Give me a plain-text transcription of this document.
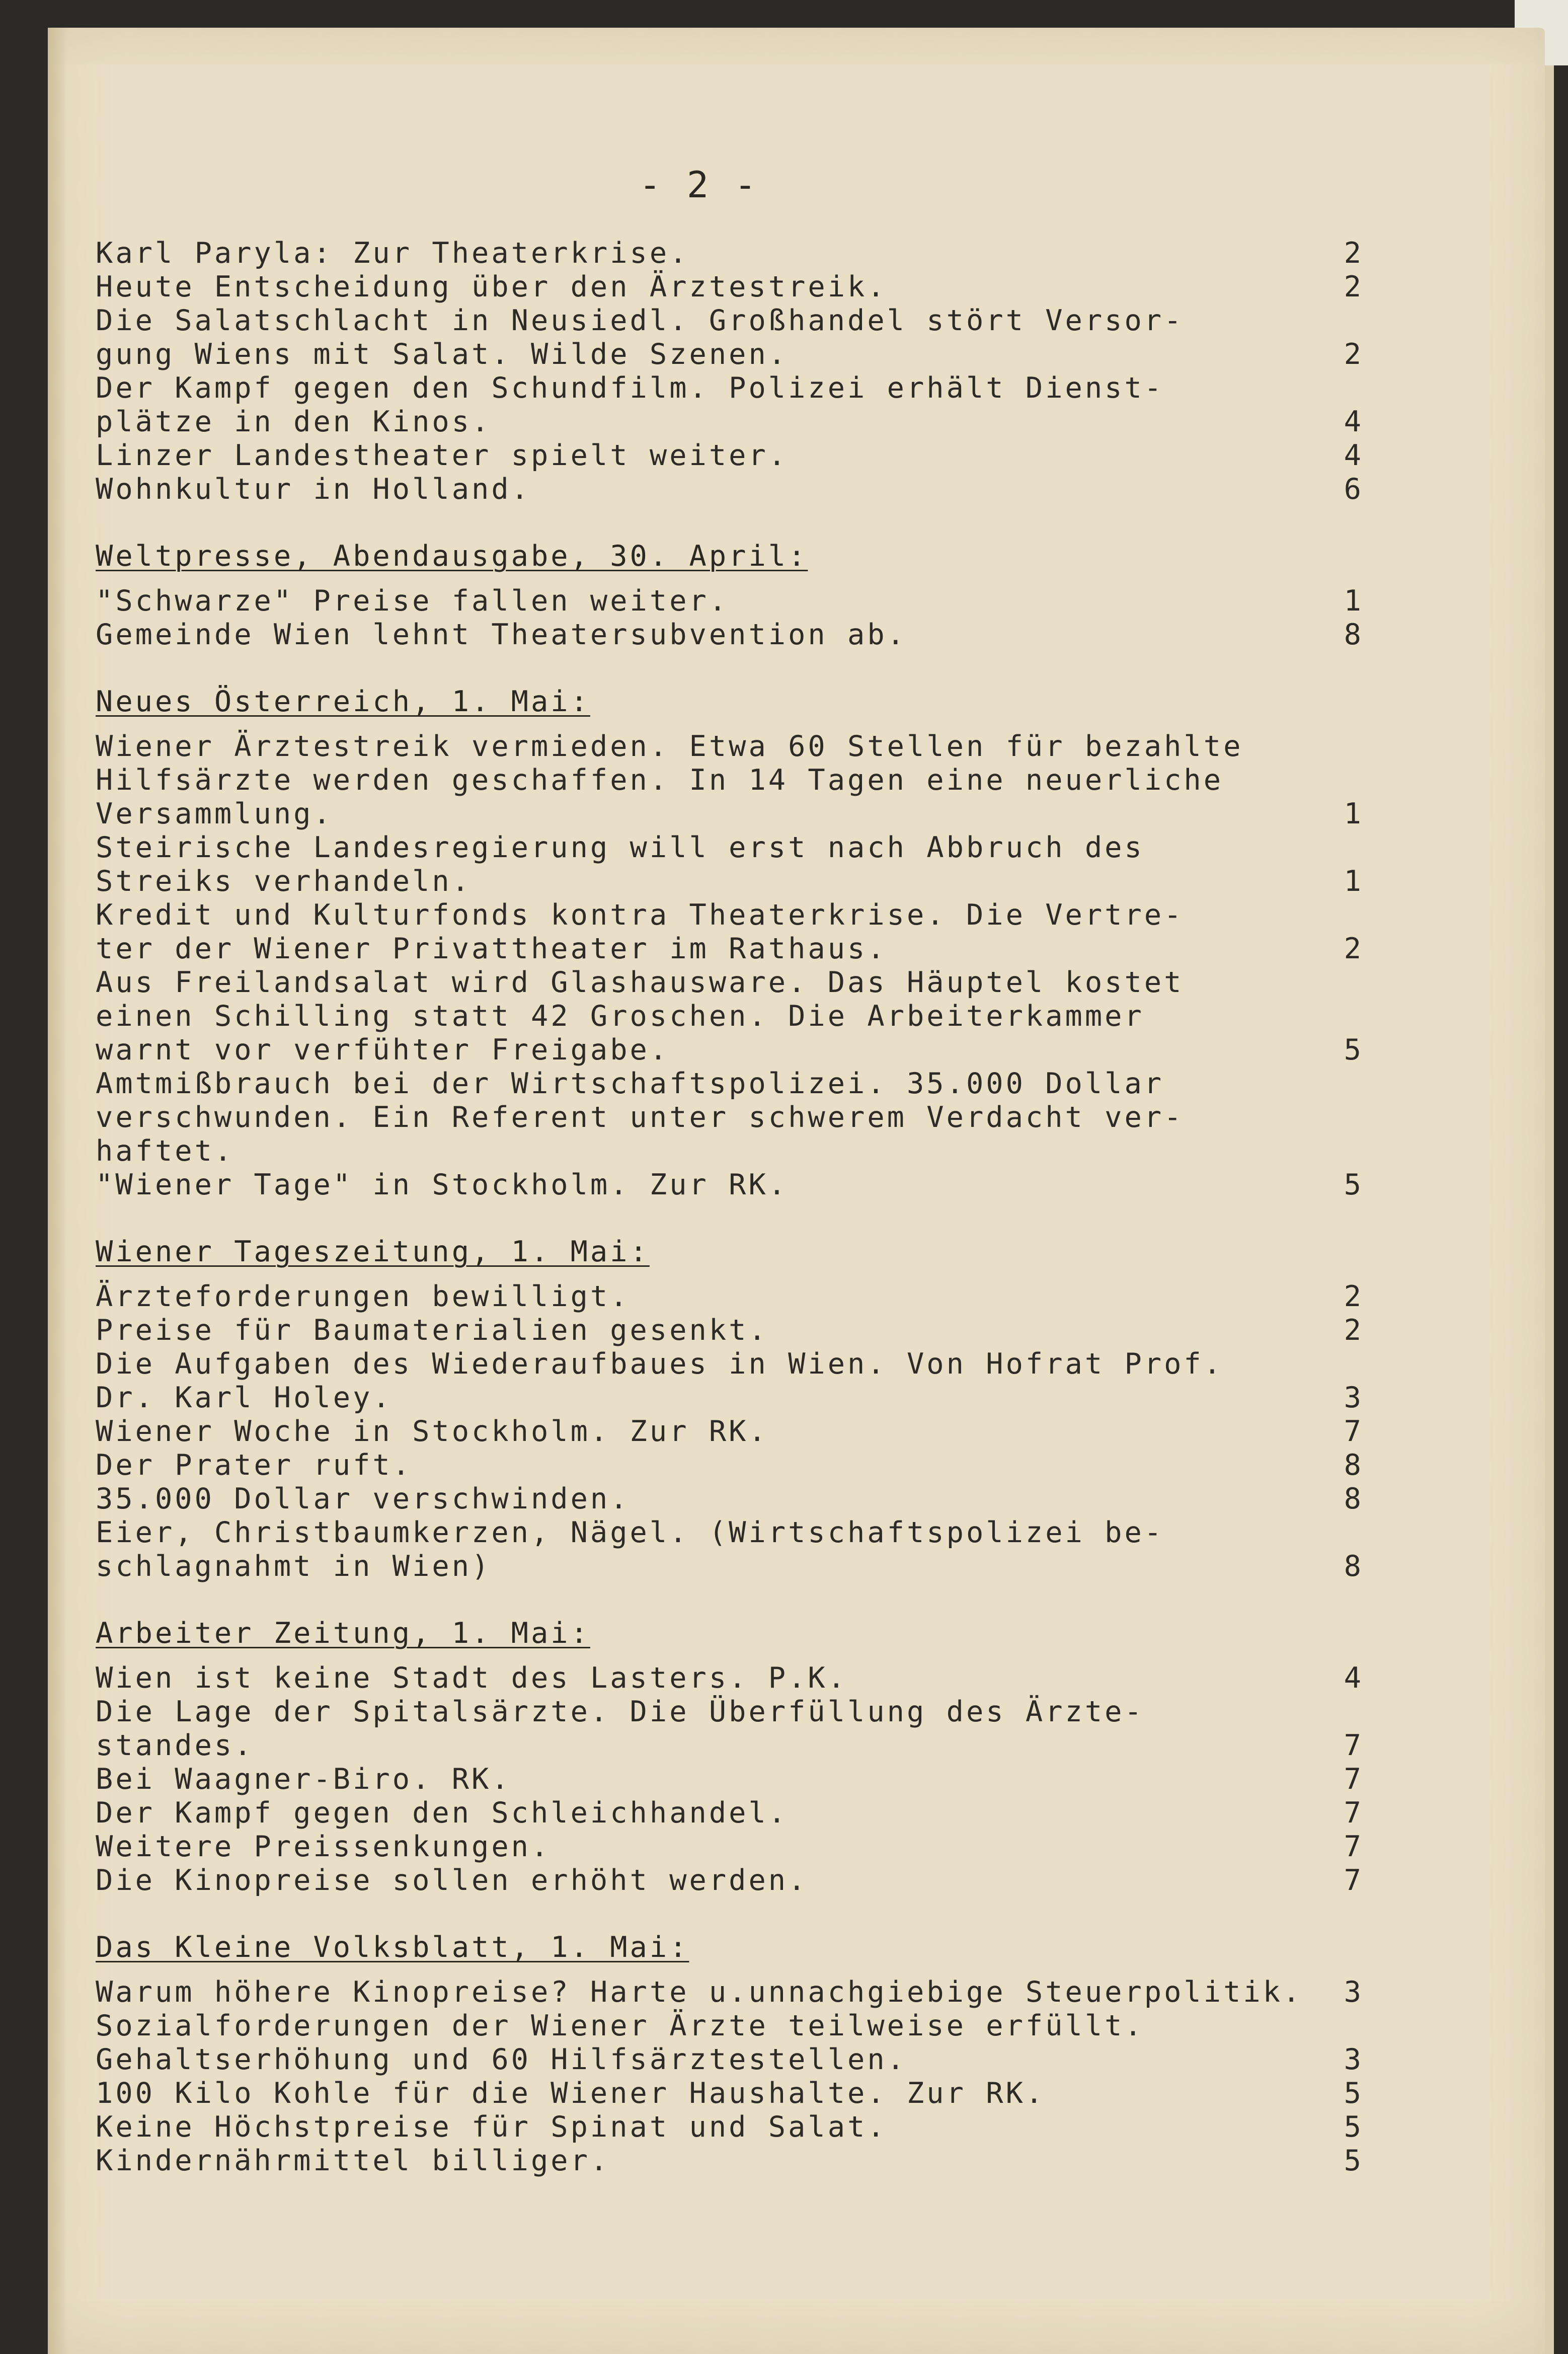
- 2 -
Karl Paryla: Zur Theaterkrise.	2
Heute Entscheidung über den Ärztestreik.	2
Die Salatschlacht in Neusiedl. Großhandel stört Versor-
gung Wiens mit Salat. Wilde Szenen.	2
Der Kampf gegen den Schundfilm. Polizei erhält Dienst-
plätze in den Kinos.	4
Linzer Landestheater spielt weiter.	4
Wohnkultur in Holland.	6
Weltpresse, Abendausgabe, 30. April:
"Schwarze" Preise fallen weiter.	1
Gemeinde Wien lehnt Theatersubvention ab.	8
Neues Österreich, 1. Mai:
Wiener Ärztestreik vermieden. Etwa 60 Stellen für bezahlte
Hilfsärzte werden geschaffen. In 14 Tagen eine neuerliche
Versammlung.	1
Steirische Landesregierung will erst nach Abbruch des
Streiks verhandeln.	1
Kredit und Kulturfonds kontra Theaterkrise. Die Vertre-
ter der Wiener Privattheater im Rathaus.	2
Aus Freilandsalat wird Glashausware. Das Häuptel kostet
einen Schilling statt 42 Groschen. Die Arbeiterkammer
warnt vor verfühter Freigabe.	5
Amtmißbrauch bei der Wirtschaftspolizei. 35.000 Dollar
verschwunden. Ein Referent unter schwerem Verdacht ver-
haftet.
"Wiener Tage" in Stockholm. Zur RK.	5
Wiener Tageszeitung, 1. Mai:
Ärzteforderungen bewilligt.	2
Preise für Baumaterialien gesenkt.	2
Die Aufgaben des Wiederaufbaues in Wien. Von Hofrat Prof.
Dr. Karl Holey.	3
Wiener Woche in Stockholm. Zur RK.	7
Der Prater ruft.	8
35.000 Dollar verschwinden.	8
Eier, Christbaumkerzen, Nägel. (Wirtschaftspolizei be-
schlagnahmt in Wien)	8
Arbeiter Zeitung, 1. Mai:
Wien ist keine Stadt des Lasters. P.K.	4
Die Lage der Spitalsärzte. Die Überfüllung des Ärzte-
standes.	7
Bei Waagner-Biro. RK.	7
Der Kampf gegen den Schleichhandel.	7
Weitere Preissenkungen.	7
Die Kinopreise sollen erhöht werden.	7
Das Kleine Volksblatt, 1. Mai:
Warum höhere Kinopreise? Harte u.unnachgiebige Steuerpolitik.	3
Sozialforderungen der Wiener Ärzte teilweise erfüllt.
Gehaltserhöhung und 60 Hilfsärztestellen.	3
100 Kilo Kohle für die Wiener Haushalte. Zur RK.	5
Keine Höchstpreise für Spinat und Salat.	5
Kindernährmittel billiger.	5
